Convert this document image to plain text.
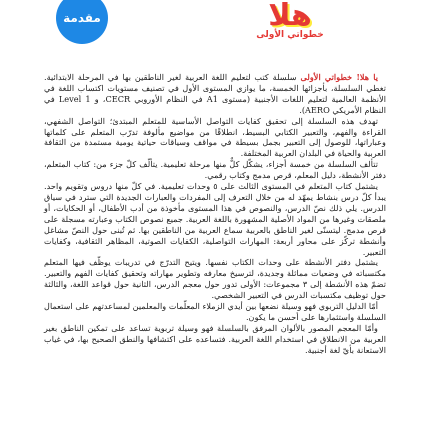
مقدمة	هلا
خطواتي الأولى

يا هلا! خطواتي الأولى سلسلة كتب لتعليم اللغة العربية لغير الناطقين بها في المرحلة الابتدائية. تغطي السلسلة، بأجزائها الخمسة، ما يوازي المستوى الأول في تصنيف مستويات اكتساب اللغة في الأنظمة العالمية لتعليم اللغات الأجنبية (مستوى A1 في النظام الأوروبي CECR، و Level 1 في النظام الأمريكي AERO).

تهدف هذه السلسلة إلى تحقيق كفايات التواصل الأساسية للمتعلم المبتدئ؛ التواصل الشفهي، القراءة والفهم، والتعبير الكتابي البسيط، انطلاقًا من مواضيع مألوفة تدرّب المتعلم على كلماتها وعباراتها، للوصول إلى التعبير بجمل بسيطة في مواقف وسياقات حياتية يومية مستمدة من الثقافة العربية والحياة في البلدان العربية المختلفة.

تتألف السلسلة من خمسة أجزاء، يشكّل كلٌّ منها مرحلة تعليمية. يتألّف كلّ جزء من: كتاب المتعلم، دفتر الأنشطة، دليل المعلم، قرص مدمج وكتاب رقمي.

يشتمل كتاب المتعلم في المستوى الثالث على ٥ وحدات تعليمية. في كلّ منها دروس وتقويم واحد. يبدأ كلّ درس بنشاط يمهّد له من خلال التعرف إلى المفردات والعبارات الجديدة التي سترد في سياق الدرس. يلي ذلك نصّ الدرس، والنصوص في هذا المستوى مأخوذة من أدب الأطفال، أو الحكايات، أو ملصقات وغيرها من المواد الأصلية المشهورة باللغة العربية. جميع نصوص الكتاب وعبارته مسجلة على قرص مدمج. ليتسنّى لغير الناطق بالعربية سماع العربية من الناطقين بها. ثم تُبنى حول النصّ مشاغل وأنشطة تركّز على محاور أربعة: المهارات التواصلية، الكفايات الصوتية، المظاهر الثقافية، وكفايات التعبير.

يشتمل دفتر الأنشطة على وحدات الكتاب نفسها. ويتيح التدرّج في تدريبات يوظّف فيها المتعلم مكتسباته في وضعيات مماثلة وجديدة، لترسيخ معارفه وتطوير مهاراته وتحقيق كفايات الفهم والتعبير. تضمّ هذه الأنشطة إلى ٣ مجموعات: الأولى تدور حول معجم الدرس، الثانية حول قواعد اللغة، والثالثة حول توظيف مكتسبات الدرس في التعبير الشخصي.

أمّا الدليل التربوي فهو وسيلة نضعها بين أيدي الزملاء المعلّمات والمعلمين لمساعدتهم على استعمال السلسلة واستثمارها على أحسن ما يكون.

وأمّا المعجم المصور بالألوان المرفق بالسلسلة فهو وسيلة تربوية تساعد على تمكين الناطق بغير العربية من الانطلاق في استخدام اللغة العربية. فتساعده على اكتشافها والنطق الصحيح بها، في غياب الاستعانة بأيّ لغة أجنبية.
